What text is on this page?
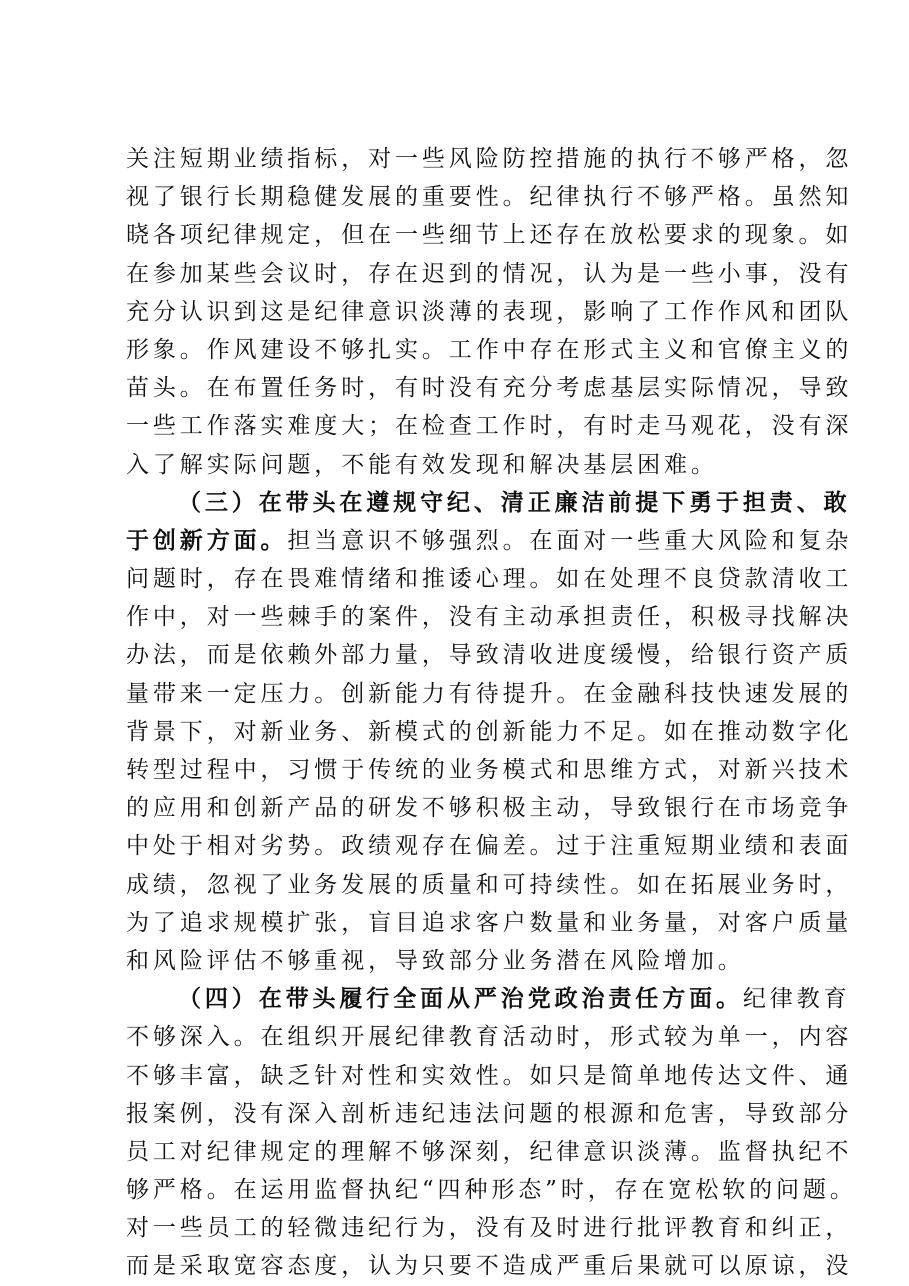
关注短期业绩指标，对一些风险防控措施的执行不够严格，忽
视了银行长期稳健发展的重要性。纪律执行不够严格。虽然知
晓各项纪律规定，但在一些细节上还存在放松要求的现象。如
在参加某些会议时，存在迟到的情况，认为是一些小事，没有
充分认识到这是纪律意识淡薄的表现，影响了工作作风和团队
形象。作风建设不够扎实。工作中存在形式主义和官僚主义的
苗头。在布置任务时，有时没有充分考虑基层实际情况，导致
一些工作落实难度大；在检查工作时，有时走马观花，没有深
入了解实际问题，不能有效发现和解决基层困难。
（三）在带头在遵规守纪、清正廉洁前提下勇于担责、敢
于创新方面。担当意识不够强烈。在面对一些重大风险和复杂
问题时，存在畏难情绪和推诿心理。如在处理不良贷款清收工
作中，对一些棘手的案件，没有主动承担责任，积极寻找解决
办法，而是依赖外部力量，导致清收进度缓慢，给银行资产质
量带来一定压力。创新能力有待提升。在金融科技快速发展的
背景下，对新业务、新模式的创新能力不足。如在推动数字化
转型过程中，习惯于传统的业务模式和思维方式，对新兴技术
的应用和创新产品的研发不够积极主动，导致银行在市场竞争
中处于相对劣势。政绩观存在偏差。过于注重短期业绩和表面
成绩，忽视了业务发展的质量和可持续性。如在拓展业务时，
为了追求规模扩张，盲目追求客户数量和业务量，对客户质量
和风险评估不够重视，导致部分业务潜在风险增加。
（四）在带头履行全面从严治党政治责任方面。纪律教育
不够深入。在组织开展纪律教育活动时，形式较为单一，内容
不够丰富，缺乏针对性和实效性。如只是简单地传达文件、通
报案例，没有深入剖析违纪违法问题的根源和危害，导致部分
员工对纪律规定的理解不够深刻，纪律意识淡薄。监督执纪不
够严格。在运用监督执纪“四种形态”时，存在宽松软的问题。
对一些员工的轻微违纪行为，没有及时进行批评教育和纠正，
而是采取宽容态度，认为只要不造成严重后果就可以原谅，没
